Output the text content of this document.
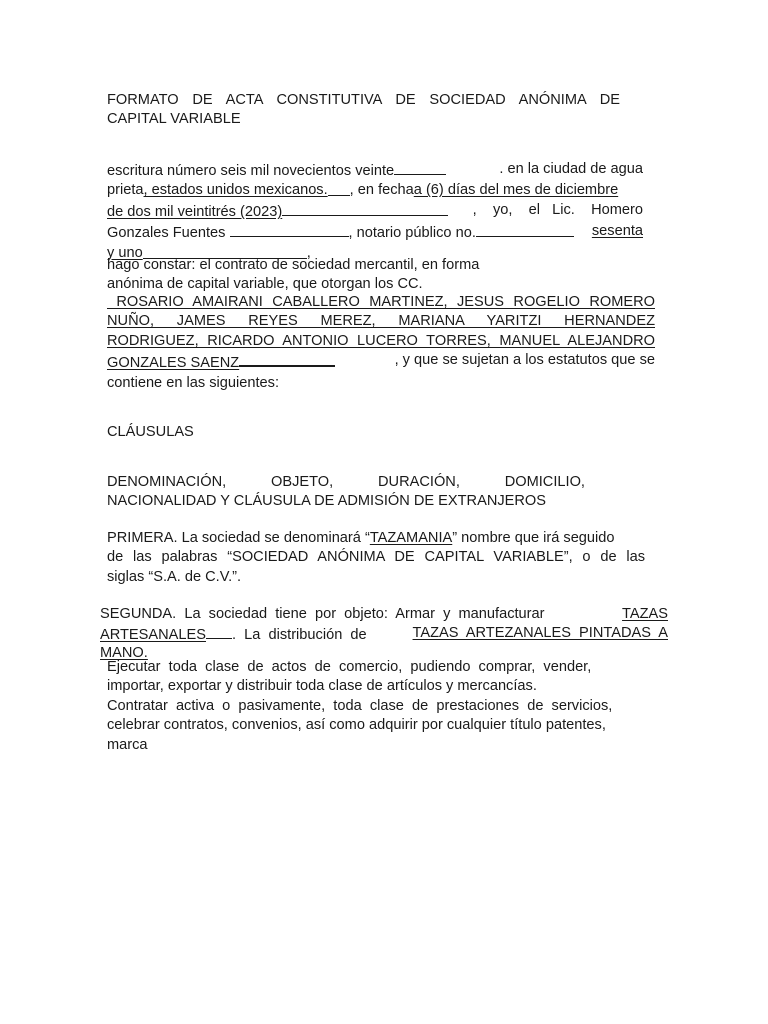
FORMATO DE ACTA CONSTITUTIVA DE SOCIEDAD ANÓNIMA DE
CAPITAL VARIABLE
escritura número seis mil novecientos veinte	. en la ciudad de agua
prieta , estados unidos mexicanos. , en fecha a (6) días del mes de diciembre
de dos mil veintitrés (2023)	,    yo,    el   Lic.    Homero
Gonzales Fuentes	, notario público no.	sesenta
y uno	,
hago constar: el contrato de sociedad mercantil, en forma
anónima de capital variable, que otorgan los CC.
ROSARIO AMAIRANI CABALLERO MARTINEZ, JESUS ROGELIO ROMERO
NUÑO, JAMES REYES MEREZ, MARIANA YARITZI HERNANDEZ
RODRIGUEZ, RICARDO ANTONIO LUCERO TORRES, MANUEL ALEJANDRO
GONZALES SAENZ	, y que se sujetan a los estatutos que se
contiene en las siguientes:
CLÁUSULAS
DENOMINACIÓN,	OBJETO,	DURACIÓN,	DOMICILIO,
NACIONALIDAD Y CLÁUSULA DE ADMISIÓN DE EXTRANJEROS
PRIMERA. La sociedad se denominará “TAZAMANIA” nombre que irá seguido
de las palabras “SOCIEDAD ANÓNIMA DE CAPITAL VARIABLE”, o de las
siglas “S.A. de C.V.”.
SEGUNDA.  La  sociedad  tiene  por  objeto:  Armar  y  manufacturar	TAZAS
ARTESANALES .  La  distribución  de	TAZAS  ARTEZANALES  PINTADAS  A
MANO.
Ejecutar  toda  clase  de  actos  de  comercio,  pudiendo  comprar,  vender,
importar, exportar y distribuir toda clase de artículos y mercancías.
Contratar  activa  o  pasivamente,  toda  clase  de  prestaciones  de  servicios,
celebrar contratos, convenios, así como adquirir por cualquier título patentes,
marca
